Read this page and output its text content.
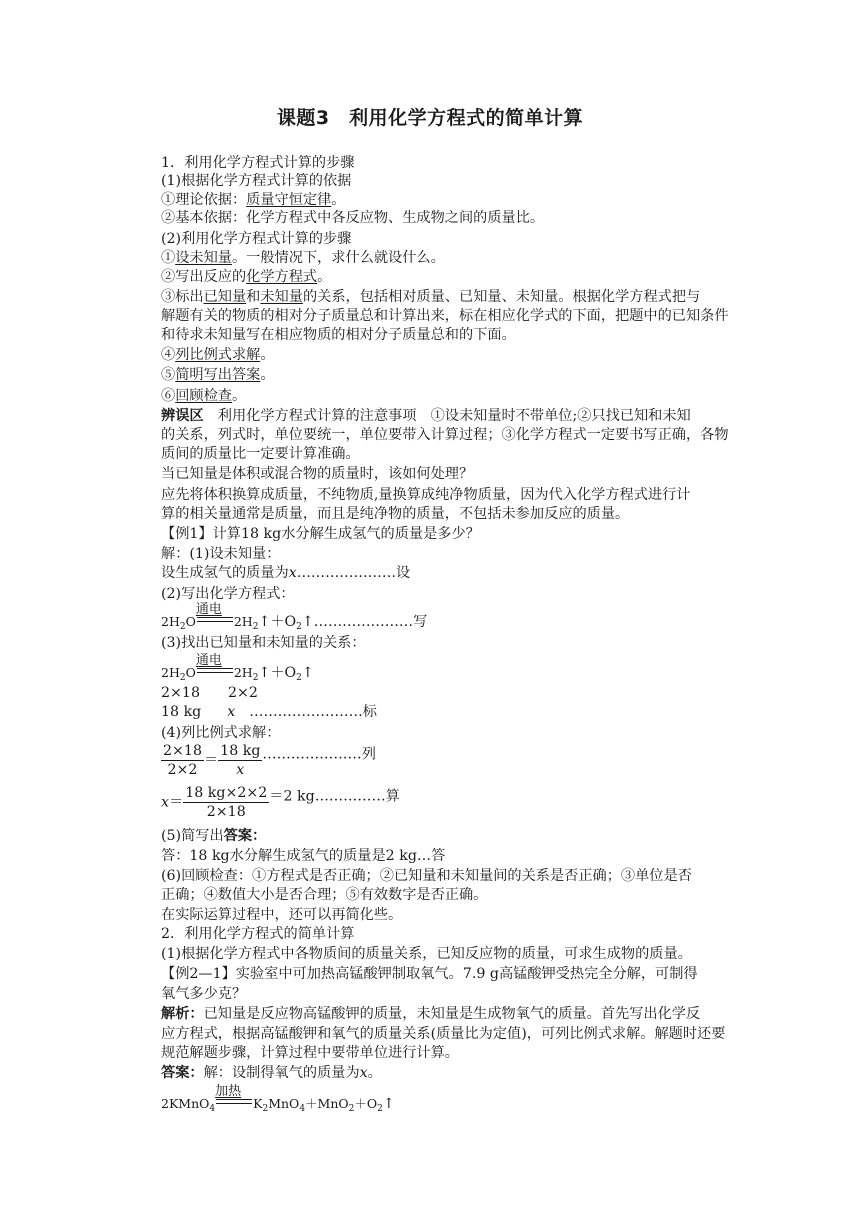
课题3　利用化学方程式的简单计算
1．利用化学方程式计算的步骤
(1)根据化学方程式计算的依据
①理论依据：质量守恒定律。
②基本依据：化学方程式中各反应物、生成物之间的质量比。
(2)利用化学方程式计算的步骤
①设未知量。一般情况下，求什么就设什么。
②写出反应的化学方程式。
③标出已知量和未知量的关系，包括相对质量、已知量、未知量。根据化学方程式把与
解题有关的物质的相对分子质量总和计算出来，标在相应化学式的下面，把题中的已知条件
和待求未知量写在相应物质的相对分子质量总和的下面。
④列比例式求解。
⑤简明写出答案。
⑥回顾检查。
辨误区　利用化学方程式计算的注意事项　①设未知量时不带单位;②只找已知和未知
的关系，列式时，单位要统一，单位要带入计算过程；③化学方程式一定要书写正确，各物
质间的质量比一定要计算准确。
当已知量是体积或混合物的质量时，该如何处理？
应先将体积换算成质量，不纯物质,量换算成纯净物质量，因为代入化学方程式进行计
算的相关量通常是质量，而且是纯净物的质量，不包括未参加反应的质量。
【例1】计算18 kg水分解生成氢气的质量是多少？
解：(1)设未知量：
设生成氢气的质量为x…………………设
(2)写出化学方程式：
$2H_2O$
通电
$2H_2↑+O_2↑\dots\dots\dots\dots\dots\dots\dots$写
(3)找出已知量和未知量的关系：
$2H_2O$
通电
$2H_2↑+O_2↑$
2×18 2×2
18 kg x ……………………标
(4)列比例式求解：
$\frac{2\times 18}{2\times 2} = \frac{18 kg}{x}$ …………………列
$x= \frac{18 kg\times 2\times 2}{2\times 18} =2$ kg……………算
(5)简写出答案：
答：18 kg水分解生成氢气的质量是2 kg…答
(6)回顾检查：①方程式是否正确；②已知量和未知量间的关系是否正确；③单位是否
正确；④数值大小是否合理；⑤有效数字是否正确。
在实际运算过程中，还可以再简化些。
2．利用化学方程式的简单计算
(1)根据化学方程式中各物质间的质量关系，已知反应物的质量，可求生成物的质量。
【例2—1】实验室中可加热高锰酸钾制取氧气。7.9 g高锰酸钾受热完全分解，可制得
氧气多少克？
解析：已知量是反应物高锰酸钾的质量，未知量是生成物氧气的质量。首先写出化学反
应方程式，根据高锰酸钾和氧气的质量关系(质量比为定值)，可列比例式求解。解题时还要
规范解题步骤，计算过程中要带单位进行计算。
答案：解：设制得氧气的质量为x。
2KMnO$_4$
加热
$K_2MnO_4+MnO_2+O_2↑$
